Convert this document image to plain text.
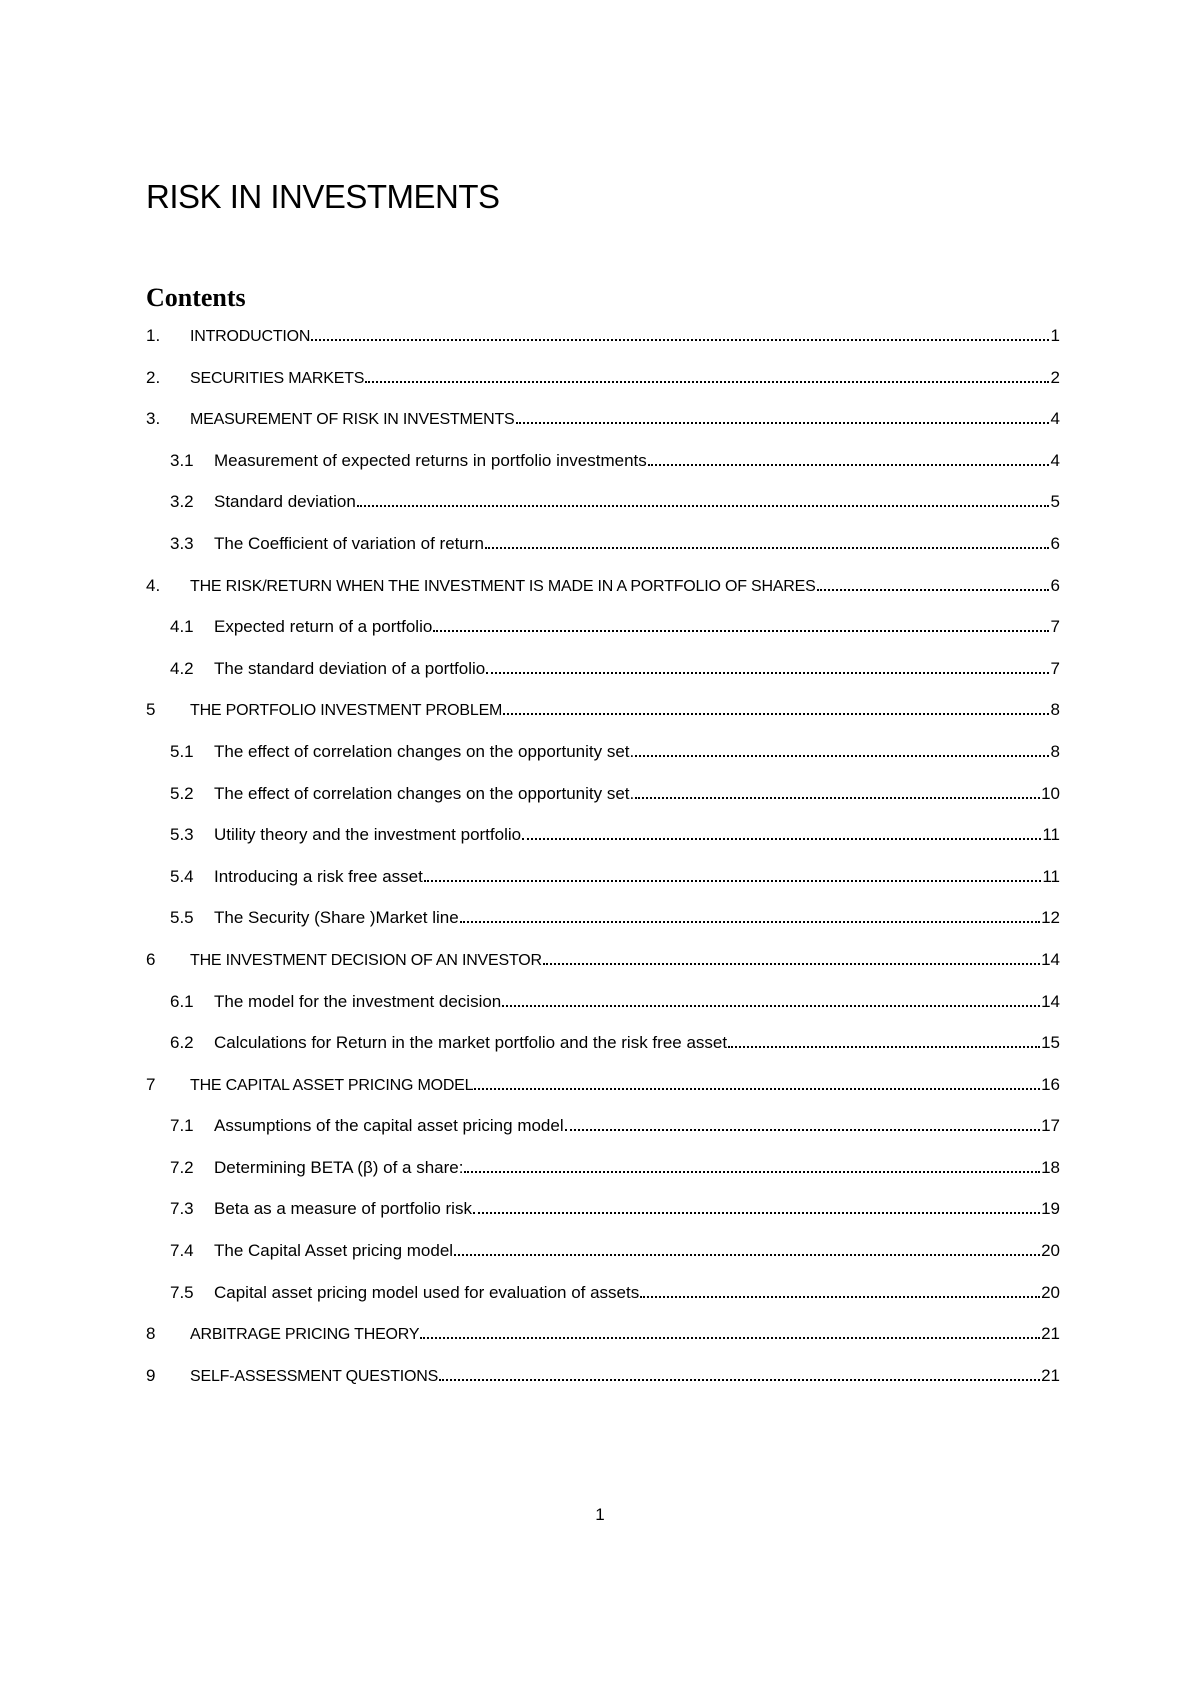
RISK IN INVESTMENTS
Contents
1.	INTRODUCTION	1
2.	SECURITIES MARKETS	2
3.	MEASUREMENT OF RISK IN INVESTMENTS	4
3.1	Measurement of expected returns in portfolio investments	4
3.2	Standard deviation	5
3.3	The Coefficient of variation of return	6
4.	THE RISK/RETURN WHEN THE INVESTMENT IS MADE IN A PORTFOLIO OF SHARES	6
4.1	Expected return of a portfolio	7
4.2	The standard deviation of a portfolio	7
5	THE PORTFOLIO INVESTMENT PROBLEM	8
5.1	The effect of correlation changes on the opportunity set.	8
5.2	The effect of correlation changes on the opportunity set.	10
5.3	Utility theory and the investment portfolio	11
5.4	Introducing a risk free asset	11
5.5	The Security (Share )Market line	12
6	THE INVESTMENT DECISION OF AN INVESTOR	14
6.1	The model for the investment decision	14
6.2	Calculations for Return in the market portfolio and the risk free asset	15
7	THE CAPITAL ASSET PRICING MODEL	16
7.1	Assumptions of the capital asset pricing model	17
7.2	Determining BETA (β) of a share:	18
7.3	Beta as a measure of portfolio risk	19
7.4	The Capital Asset pricing model	20
7.5	Capital asset pricing model used for evaluation of assets	20
8	ARBITRAGE PRICING THEORY	21
9	SELF-ASSESSMENT QUESTIONS	21
1
